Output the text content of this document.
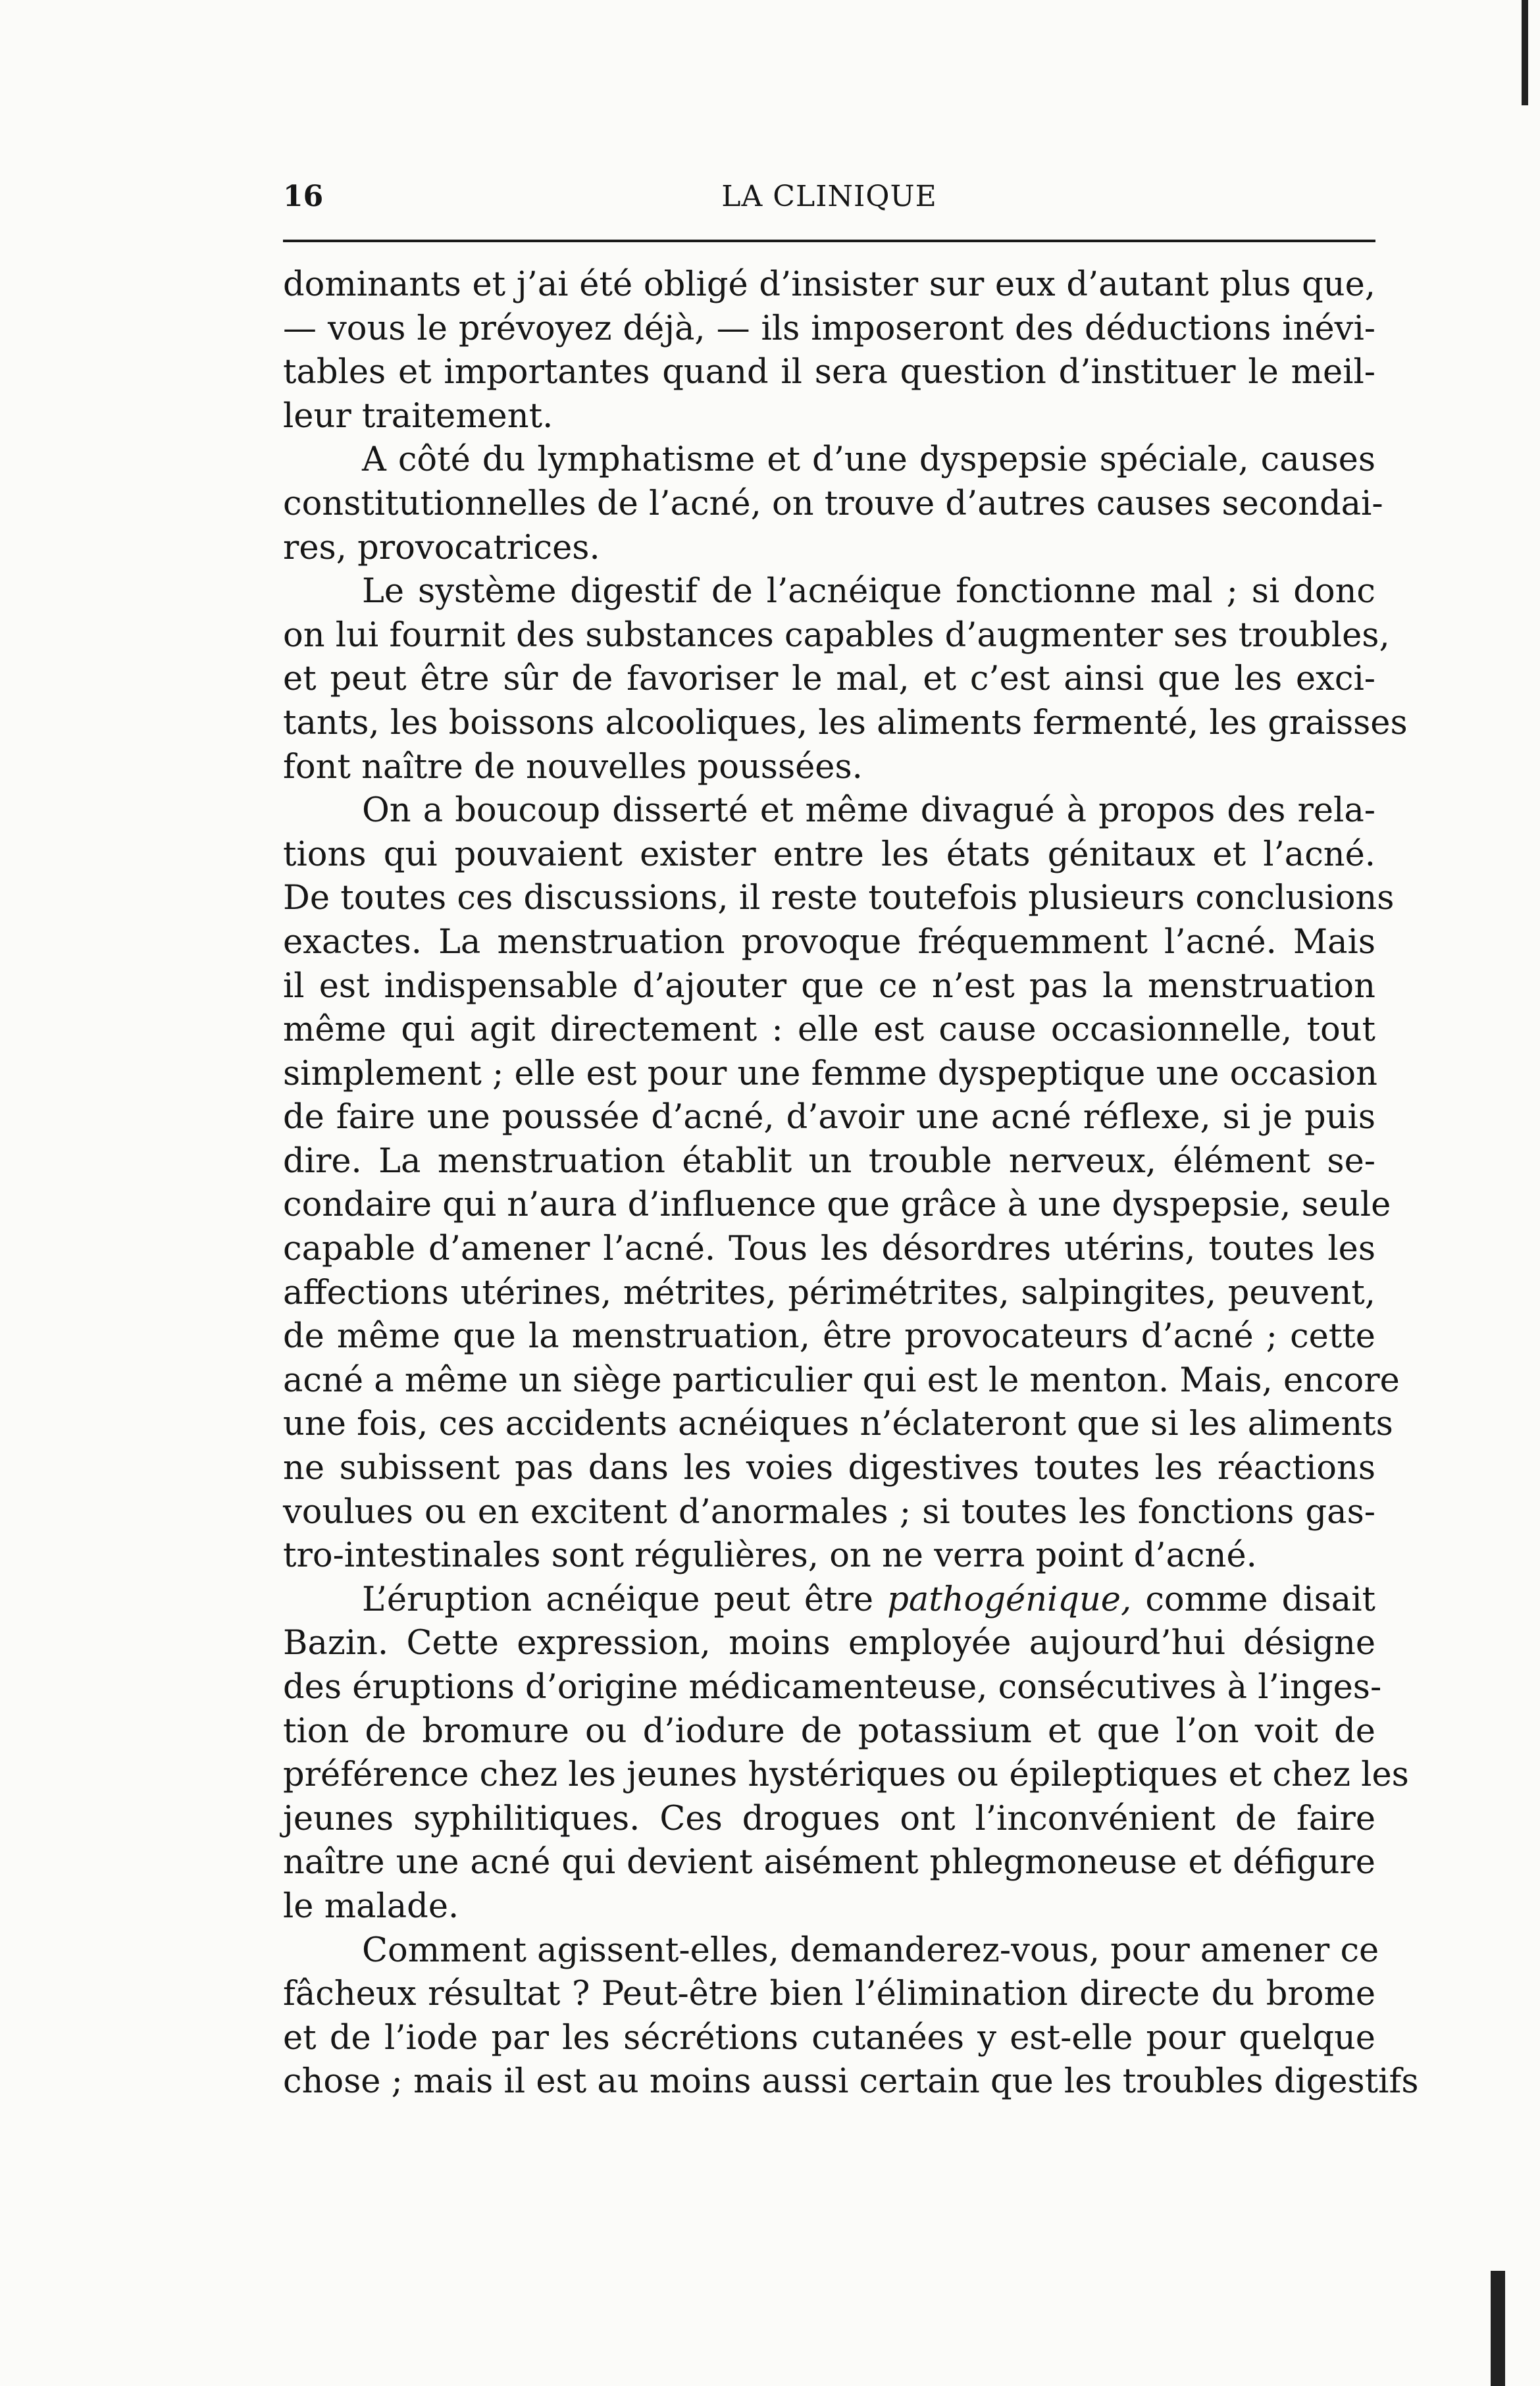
16	LA CLINIQUE
dominants et j’ai été obligé d’insister sur eux d’autant plus que,
— vous le prévoyez déjà, — ils imposeront des déductions inévi-
tables et importantes quand il sera question d’instituer le meil-
leur traitement.
A côté du lymphatisme et d’une dyspepsie spéciale, causes
constitutionnelles de l’acné, on trouve d’autres causes secondai-
res, provocatrices.
Le système digestif de l’acnéique fonctionne mal ; si donc
on lui fournit des substances capables d’augmenter ses troubles,
et peut être sûr de favoriser le mal, et c’est ainsi que les exci-
tants, les boissons alcooliques, les aliments fermenté, les graisses
font naître de nouvelles poussées.
On a boucoup disserté et même divagué à propos des rela-
tions qui pouvaient exister entre les états génitaux et l’acné.
De toutes ces discussions, il reste toutefois plusieurs conclusions
exactes. La menstruation provoque fréquemment l’acné. Mais
il est indispensable d’ajouter que ce n’est pas la menstruation
même qui agit directement : elle est cause occasionnelle, tout
simplement ; elle est pour une femme dyspeptique une occasion
de faire une poussée d’acné, d’avoir une acné réflexe, si je puis
dire. La menstruation établit un trouble nerveux, élément se-
condaire qui n’aura d’influence que grâce à une dyspepsie, seule
capable d’amener l’acné. Tous les désordres utérins, toutes les
affections utérines, métrites, périmétrites, salpingites, peuvent,
de même que la menstruation, être provocateurs d’acné ; cette
acné a même un siège particulier qui est le menton. Mais, encore
une fois, ces accidents acnéiques n’éclateront que si les aliments
ne subissent pas dans les voies digestives toutes les réactions
voulues ou en excitent d’anormales ; si toutes les fonctions gas-
tro-intestinales sont régulières, on ne verra point d’acné.
L’éruption acnéique peut être pathogénique, comme disait
Bazin. Cette expression, moins employée aujourd’hui désigne
des éruptions d’origine médicamenteuse, consécutives à l’inges-
tion de bromure ou d’iodure de potassium et que l’on voit de
préférence chez les jeunes hystériques ou épileptiques et chez les
jeunes syphilitiques. Ces drogues ont l’inconvénient de faire
naître une acné qui devient aisément phlegmoneuse et défigure
le malade.
Comment agissent-elles, demanderez-vous, pour amener ce
fâcheux résultat ? Peut-être bien l’élimination directe du brome
et de l’iode par les sécrétions cutanées y est-elle pour quelque
chose ; mais il est au moins aussi certain que les troubles digestifs
